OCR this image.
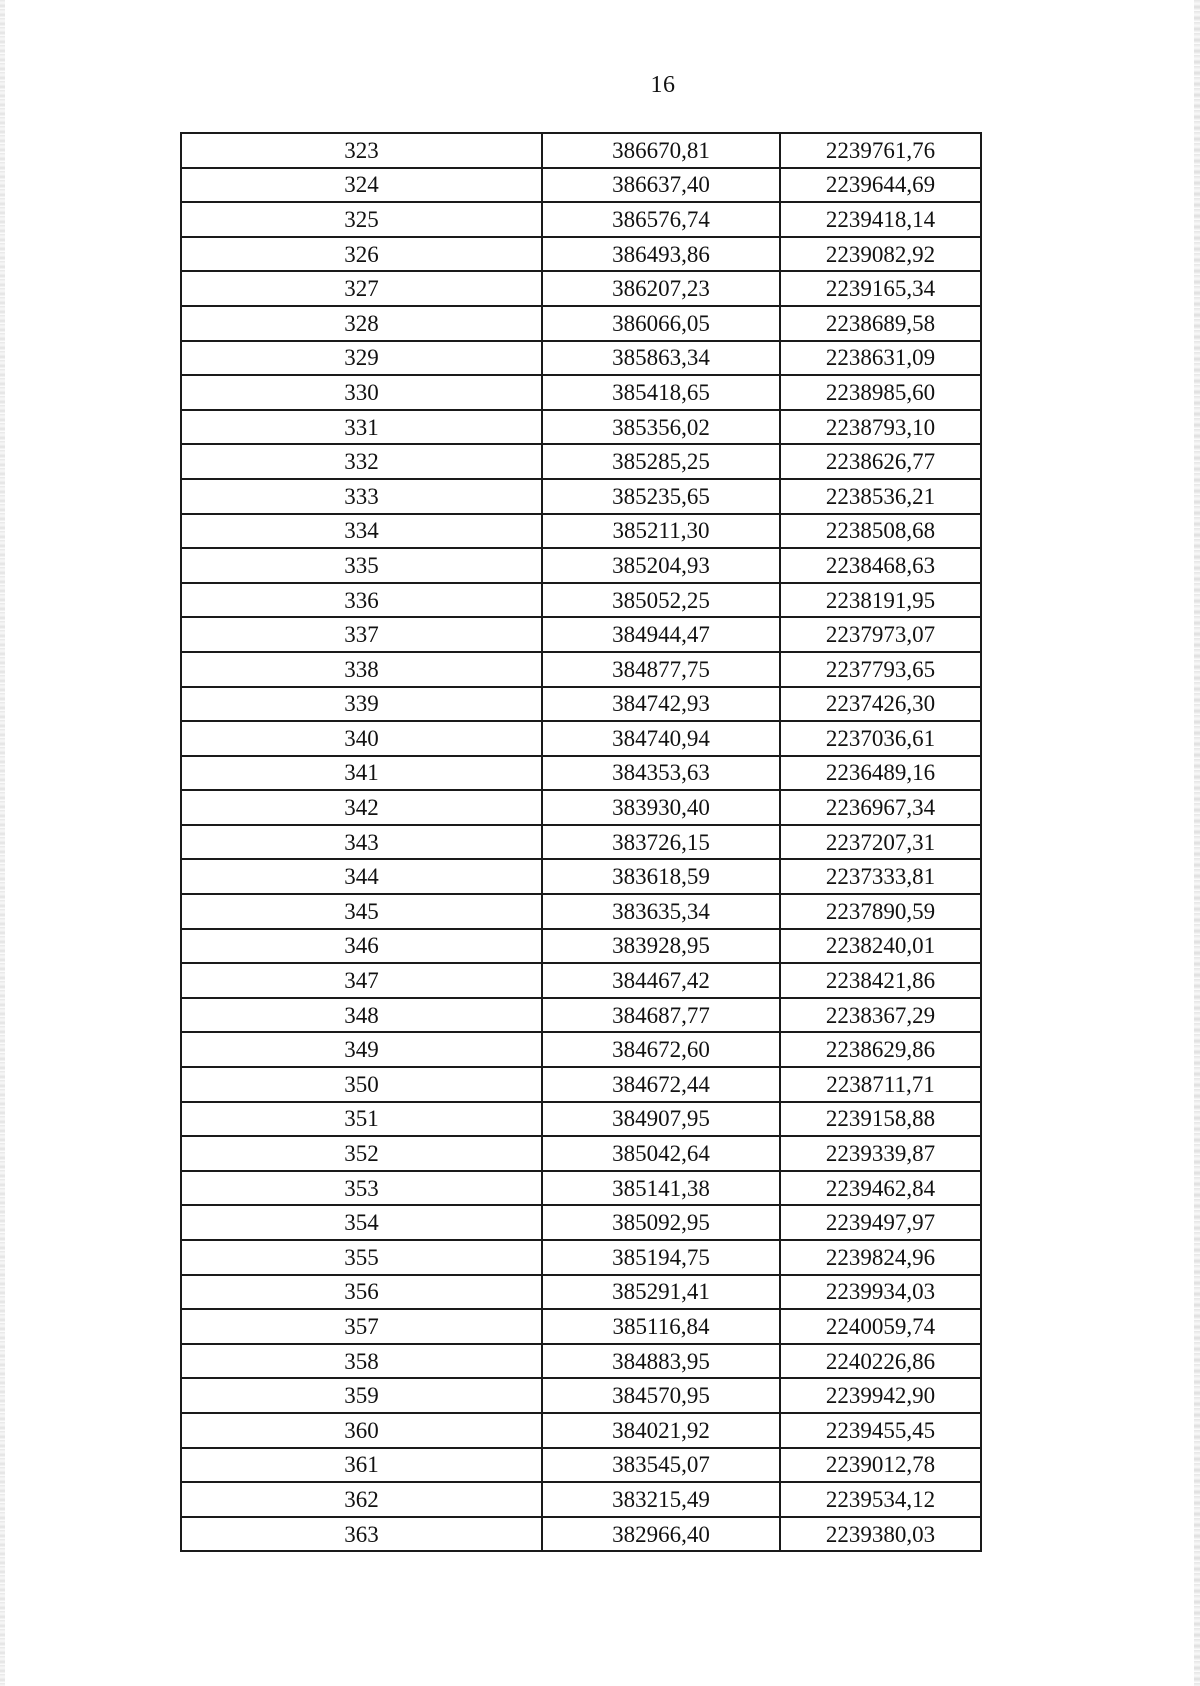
16
323	386670,81	2239761,76
324	386637,40	2239644,69
325	386576,74	2239418,14
326	386493,86	2239082,92
327	386207,23	2239165,34
328	386066,05	2238689,58
329	385863,34	2238631,09
330	385418,65	2238985,60
331	385356,02	2238793,10
332	385285,25	2238626,77
333	385235,65	2238536,21
334	385211,30	2238508,68
335	385204,93	2238468,63
336	385052,25	2238191,95
337	384944,47	2237973,07
338	384877,75	2237793,65
339	384742,93	2237426,30
340	384740,94	2237036,61
341	384353,63	2236489,16
342	383930,40	2236967,34
343	383726,15	2237207,31
344	383618,59	2237333,81
345	383635,34	2237890,59
346	383928,95	2238240,01
347	384467,42	2238421,86
348	384687,77	2238367,29
349	384672,60	2238629,86
350	384672,44	2238711,71
351	384907,95	2239158,88
352	385042,64	2239339,87
353	385141,38	2239462,84
354	385092,95	2239497,97
355	385194,75	2239824,96
356	385291,41	2239934,03
357	385116,84	2240059,74
358	384883,95	2240226,86
359	384570,95	2239942,90
360	384021,92	2239455,45
361	383545,07	2239012,78
362	383215,49	2239534,12
363	382966,40	2239380,03
